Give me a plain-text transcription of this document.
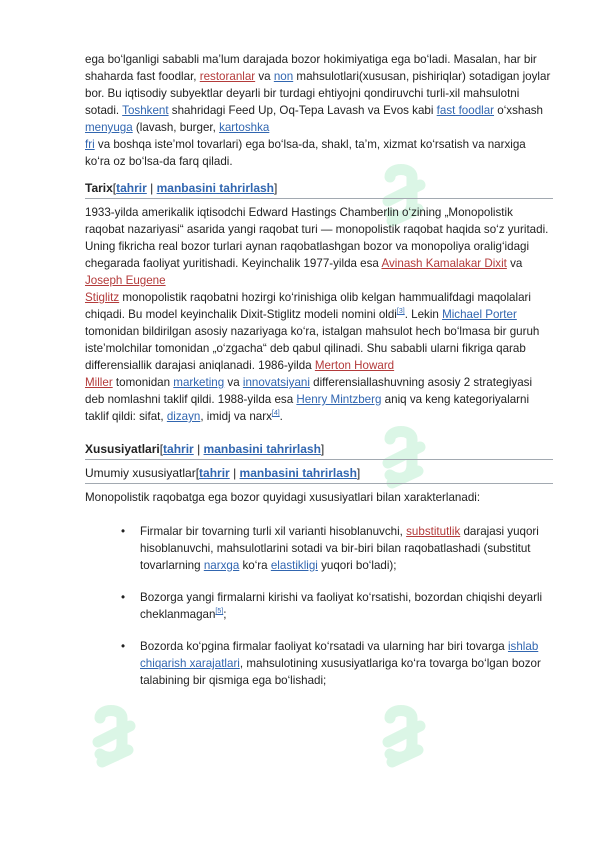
ega bo‘lganligi sababli ma’lum darajada bozor hokimiyatiga ega bo‘ladi. Masalan, har bir shaharda fast foodlar, restoranlar va non mahsulotlari(xususan, pishiriqlar) sotadigan joylar bor. Bu iqtisodiy subyektlar deyarli bir turdagi ehtiyojni qondiruvchi turli-xil mahsulotni sotadi. Toshkent shahridagi Feed Up, Oq-Tepa Lavash va Evos kabi fast foodlar o‘xshash menyuga (lavash, burger, kartoshka
fri va boshqa iste’mol tovarlari) ega bo‘lsa-da, shakl, ta’m, xizmat ko‘rsatish va narxiga ko‘ra oz bo‘lsa-da farq qiladi.

Tarix[tahrir | manbasini tahrirlash]

1933-yilda amerikalik iqtisodchi Edward Hastings Chamberlin o‘zining „Monopolistik raqobat nazariyasi“ asarida yangi raqobat turi — monopolistik raqobat haqida so‘z yuritadi. Uning fikricha real bozor turlari aynan raqobatlashgan bozor va monopoliya oralig‘idagi chegarada faoliyat yuritishadi. Keyinchalik 1977-yilda esa Avinash Kamalakar Dixit va Joseph Eugene
Stiglitz monopolistik raqobatni hozirgi ko‘rinishiga olib kelgan hammualifdagi maqolalari chiqadi. Bu model keyinchalik Dixit-Stiglitz modeli nomini oldi[3]. Lekin Michael Porter tomonidan bildirilgan asosiy nazariyaga ko‘ra, istalgan mahsulot hech bo‘lmasa bir guruh iste’molchilar tomonidan „o‘zgacha“ deb qabul qilinadi. Shu sababli ularni fikriga qarab differensiallik darajasi aniqlanadi. 1986-yilda Merton Howard
Miller tomonidan marketing va innovatsiyani differensiallashuvning asosiy 2 strategiyasi deb nomlashni taklif qildi. 1988-yilda esa Henry Mintzberg aniq va keng kategoriyalarni taklif qildi: sifat, dizayn, imidj va narx[4].

Xususiyatlari[tahrir | manbasini tahrirlash]
Umumiy xususiyatlar[tahrir | manbasini tahrirlash]

Monopolistik raqobatga ega bozor quyidagi xususiyatlari bilan xarakterlanadi:

• Firmalar bir tovarning turli xil varianti hisoblanuvchi, substitutlik darajasi yuqori hisoblanuvchi, mahsulotlarini sotadi va bir-biri bilan raqobatlashadi (substitut tovarlarning narxga ko‘ra elastikligi yuqori bo‘ladi);
• Bozorga yangi firmalarni kirishi va faoliyat ko‘rsatishi, bozordan chiqishi deyarli cheklanmagan[5];
• Bozorda ko‘pgina firmalar faoliyat ko‘rsatadi va ularning har biri tovarga ishlab chiqarish xarajatlari, mahsulotining xususiyatlariga ko‘ra tovarga bo‘lgan bozor talabining bir qismiga ega bo‘lishadi;
